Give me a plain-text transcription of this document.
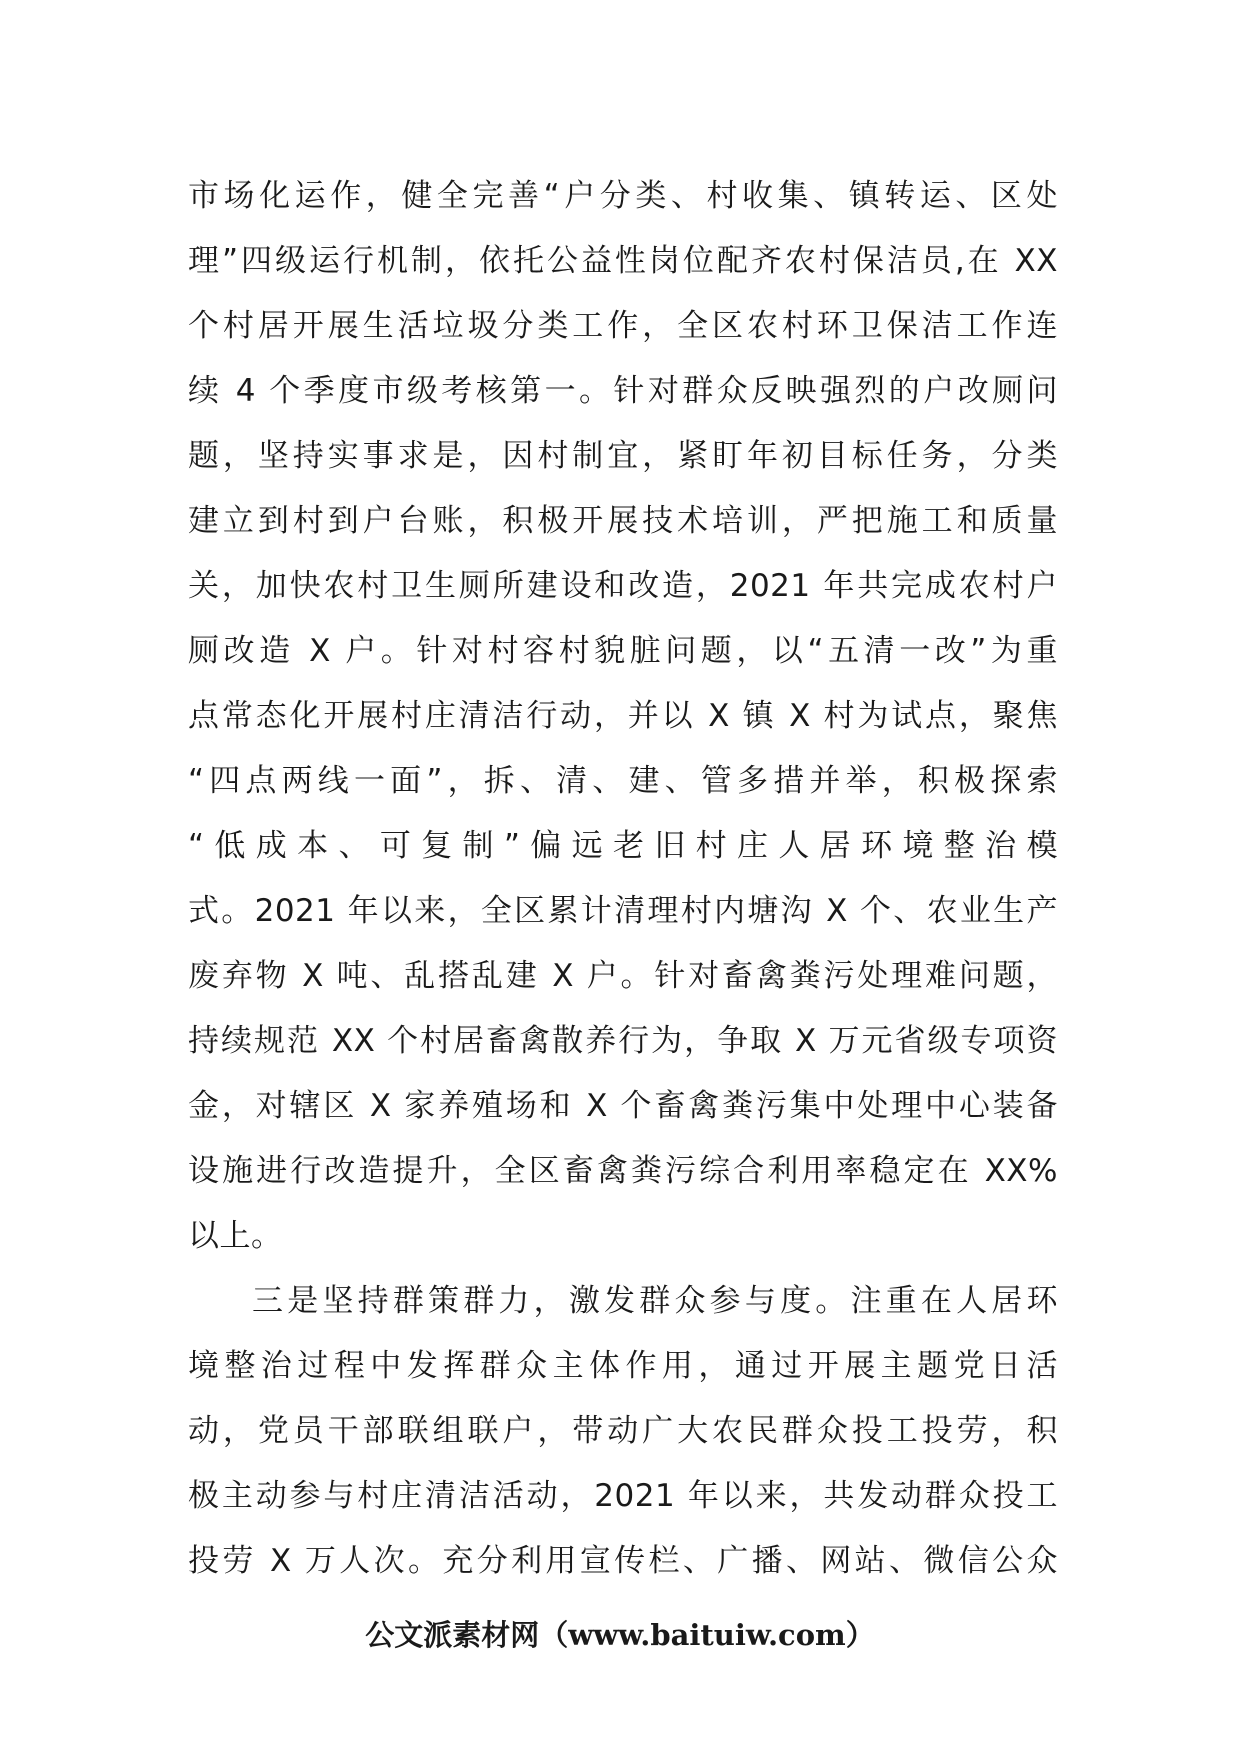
市场化运作，健全完善“户分类、村收集、镇转运、区处
理”四级运行机制，依托公益性岗位配齐农村保洁员,在 XX
个村居开展生活垃圾分类工作，全区农村环卫保洁工作连
续 4 个季度市级考核第一。针对群众反映强烈的户改厕问
题，坚持实事求是，因村制宜，紧盯年初目标任务，分类
建立到村到户台账，积极开展技术培训，严把施工和质量
关，加快农村卫生厕所建设和改造，2021 年共完成农村户
厕改造 X 户。针对村容村貌脏问题，以“五清一改”为重
点常态化开展村庄清洁行动，并以 X 镇 X 村为试点，聚焦
“四点两线一面”，拆、清、建、管多措并举，积极探索
“低成本、可复制”偏远老旧村庄人居环境整治模
式。2021 年以来，全区累计清理村内塘沟 X 个、农业生产
废弃物 X 吨、乱搭乱建 X 户。针对畜禽粪污处理难问题，
持续规范 XX 个村居畜禽散养行为，争取 X 万元省级专项资
金，对辖区 X 家养殖场和 X 个畜禽粪污集中处理中心装备
设施进行改造提升，全区畜禽粪污综合利用率稳定在 XX%
以上。
三是坚持群策群力，激发群众参与度。注重在人居环
境整治过程中发挥群众主体作用，通过开展主题党日活
动，党员干部联组联户，带动广大农民群众投工投劳，积
极主动参与村庄清洁活动，2021 年以来，共发动群众投工
投劳 X 万人次。充分利用宣传栏、广播、网站、微信公众
公文派素材网（www.baituiw.com）
